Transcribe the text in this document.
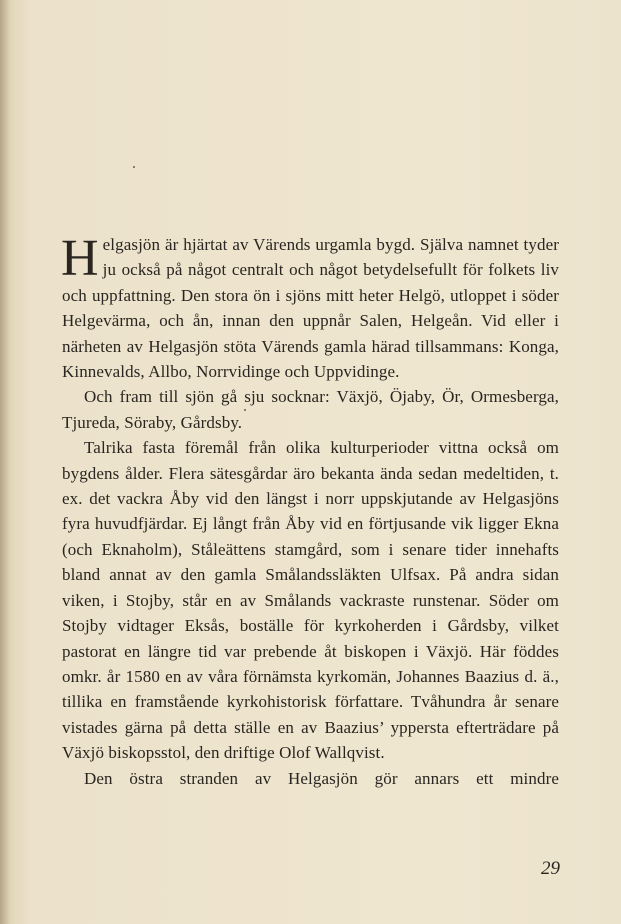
Helgasjön är hjärtat av Värends urgamla bygd. Själva namnet tyder ju också på något centralt och något betydelsefullt för folkets liv och uppfattning. Den stora ön i sjöns mitt heter Helgö, utloppet i söder Helgevärma, och ån, innan den uppnår Salen, Helgeån. Vid eller i närheten av Helgasjön stöta Värends gamla härad tillsammans: Konga, Kinnevalds, Allbo, Norrvidinge och Uppvidinge.

Och fram till sjön gå sju socknar: Växjö, Öjaby, Ör, Ormesberga, Tjureda, Söraby, Gårdsby.

Talrika fasta föremål från olika kulturperioder vittna också om bygdens ålder. Flera sätesgårdar äro bekanta ända sedan medeltiden, t. ex. det vackra Åby vid den längst i norr uppskjutande av Helgasjöns fyra huvudfjärdar. Ej långt från Åby vid en förtjusande vik ligger Ekna (och Eknaholm), Ståleättens stamgård, som i senare tider innehafts bland annat av den gamla Smålandssläkten Ulfsax. På andra sidan viken, i Stojby, står en av Smålands vackraste runstenar. Söder om Stojby vidtager Eksås, boställe för kyrkoherden i Gårdsby, vilket pastorat en längre tid var prebende åt biskopen i Växjö. Här föddes omkr. år 1580 en av våra förnämsta kyrkomän, Johannes Baazius d. ä., tillika en framstående kyrkohistorisk författare. Tvåhundra år senare vistades gärna på detta ställe en av Baazius’ yppersta efterträdare på Växjö biskopsstol, den driftige Olof Wallqvist.

Den östra stranden av Helgasjön gör annars ett mindre

29
